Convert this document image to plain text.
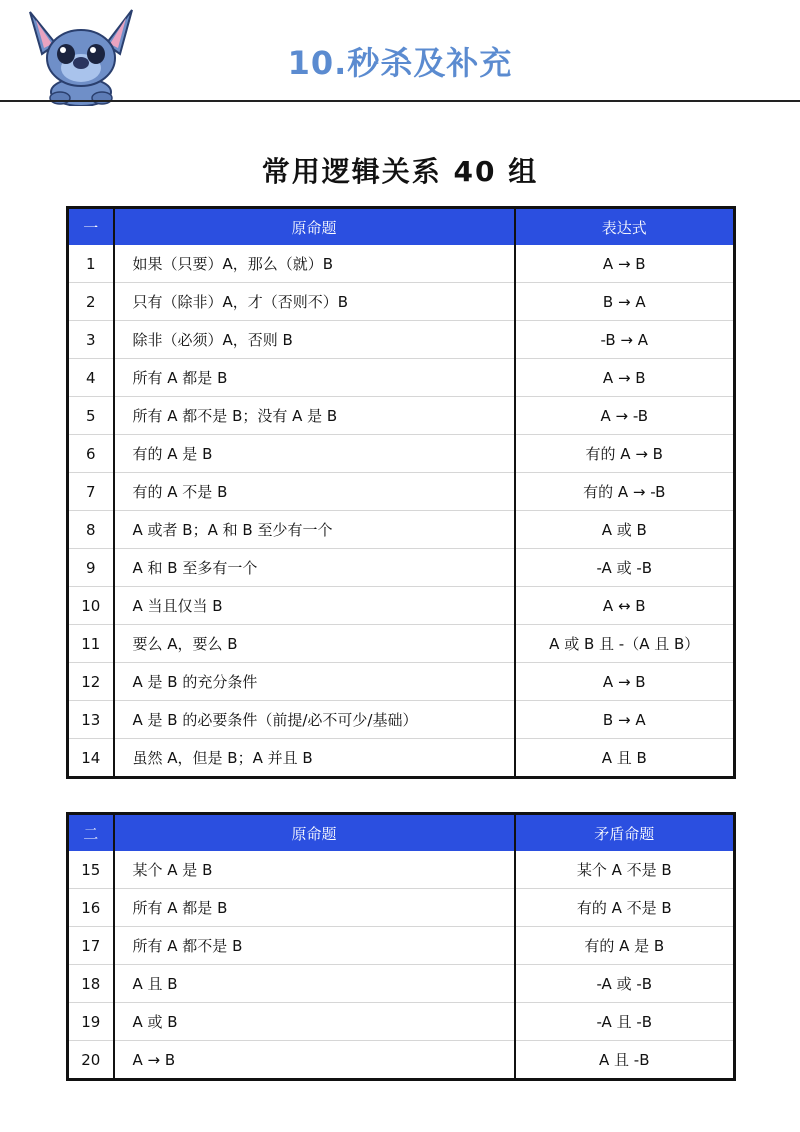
10.秒杀及补充
常用逻辑关系 40 组
一	原命题	表达式
1	如果（只要）A，那么（就）B	A → B
2	只有（除非）A，才（否则不）B	B → A
3	除非（必须）A，否则 B	-B → A
4	所有 A 都是 B	A → B
5	所有 A 都不是 B；没有 A 是 B	A → -B
6	有的 A 是 B	有的 A → B
7	有的 A 不是 B	有的 A → -B
8	A 或者 B；A 和 B 至少有一个	A 或 B
9	A 和 B 至多有一个	-A 或 -B
10	A 当且仅当 B	A ↔ B
11	要么 A，要么 B	A 或 B 且 -（A 且 B）
12	A 是 B 的充分条件	A → B
13	A 是 B 的必要条件（前提/必不可少/基础）	B → A
14	虽然 A，但是 B；A 并且 B	A 且 B
二	原命题	矛盾命题
15	某个 A 是 B	某个 A 不是 B
16	所有 A 都是 B	有的 A 不是 B
17	所有 A 都不是 B	有的 A 是 B
18	A 且 B	-A 或 -B
19	A 或 B	-A 且 -B
20	A → B	A 且 -B
